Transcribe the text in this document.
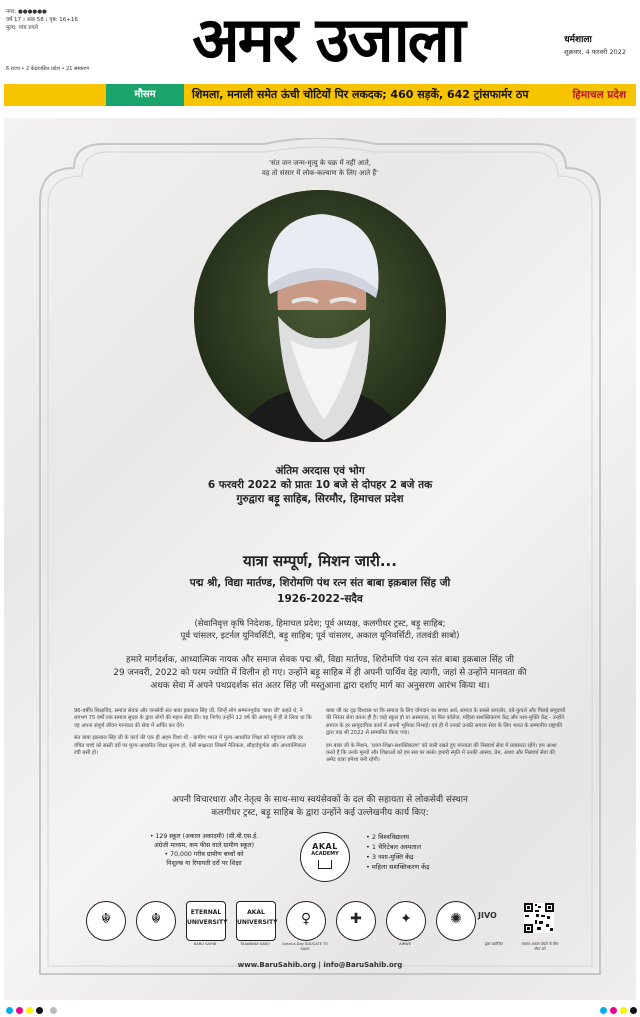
नगर: ●●●●●●
वर्ष 17 । अंक 58 । पृष्ठ: 16+16
मूल्य: पांच रुपये
6 राज्य • 2 केंद्रशासित प्रदेश • 21 संस्करण	अमर उजाला	धर्मशाला
शुक्रवार, 4 फरवरी 2022
मौसम	शिमला, मनाली समेत ऊंची चोटियों पिर लकदक; 460 सड़कें, 642 ट्रांसफार्मर ठप	हिमाचल प्रदेश
'संत जन जन्म-मृत्यु के चक्र में नहीं आते,
वह तो संसार में लोक-कल्याण के लिए आते हैं'
अंतिम अरदास एवं भोग
6 फरवरी 2022 को प्रातः 10 बजे से दोपहर 2 बजे तक
गुरुद्वारा बड़ू साहिब, सिरमौर, हिमाचल प्रदेश
यात्रा सम्पूर्ण, मिशन जारी...
पद्म श्री, विद्या मार्तण्ड, शिरोमणि पंथ रत्न संत बाबा इक़बाल सिंह जी
1926-2022-सदैव
(सेवानिवृत्त कृषि निदेशक, हिमाचल प्रदेश; पूर्व अध्यक्ष, कलगीधर ट्रस्ट, बड़ू साहिब;
पूर्व चांसलर, इटर्नल यूनिवर्सिटी, बड़ू साहिब; पूर्व चांसलर, अकाल यूनिवर्सिटी, तलवंडी साबो)
हमारे मार्गदर्शक, आध्यात्मिक नायक और समाज सेवक पद्म श्री, विद्या मार्तण्ड, शिरोमणि पंथ रत्न संत बाबा इक़बाल सिंह जी
29 जनवरी, 2022 को परम ज्योति में विलीन हो गए। उन्होंने बड़ू साहिब में ही अपनी पार्थिव देह त्यागी, जहां से उन्होंने मानवता की
अथक सेवा में अपने पथप्रदर्शक संत अतर सिंह जी मस्तुआना द्वारा दर्शाए मार्ग का अनुसरण आरंभ किया था।

96-वर्षीय शिक्षाविद, समाज सेवक और जनसेवी संत बाबा इक़बाल सिंह जी, जिन्हें लोग सम्मानपूर्वक 'बाबा जी' कहते थे, ने लगभग 75 वर्षों तक समाज सुधार के द्वारा लोगों की महान सेवा की। यह निर्णय उन्होंने 12 वर्ष की अल्पायु में ही ले लिया था कि वह अपना संपूर्ण जीवन मानवता की सेवा में अर्पित कर देंगे।

संत बाबा इक़बाल सिंह जी के कार्य की एक ही अहम दिशा थी - ग्रामीण भारत में मूल्य-आधारित शिक्षा को पहुंचाना ताकि हर वंचित बच्चे को सस्ती दरों पर मूल्य-आधारित शिक्षा सुलभ हो, ऐसी साक्षरता जिसमें नैतिकता, सौहार्दपूर्णता और आध्यात्मिकता रची बसी हो।

बाबा जी का दृढ़ विश्वास था कि समाज के लिए योगदान का सच्चा अर्थ, समाज के सबसे कमज़ोर, दबे-कुचले और पिछड़े समुदायों की निरंतर सेवा करना ही है। चाहे स्कूल हो या अस्पताल, या फिर कॉलेज, महिला सशक्तिकरण केंद्र और नशा-मुक्ति केंद्र - उन्होंने समाज के हर सामुदायिक कार्य में अपनी भूमिका निभाई। एवं ही में उनको उनकी समाज सेवा के लिए भारत के सम्मानीय राष्ट्रपति द्वारा पद्म श्री 2022 से सम्मानित किया गया।

हम बाबा जी के मिशन, 'ध्यान-शिक्षा-सशक्तिकरण' को जारी रखते हुए मानवता की निस्वार्थ सेवा में प्रयासरत रहेंगे। हम आशा करते हैं कि उनके मूल्यों और शिक्षाओं को हम सब पर बरसे। हमारी स्मृति में उनकी आस्था, प्रेम, आशा और निस्वार्थ सेवा की अमेट यात्रा हमेशा बनी रहेगी।

अपनी विचारधारा और नेतृत्व के साथ-साथ स्वयंसेवकों के दल की सहायता से लोकसेवी संस्थान
कलगीधर ट्रस्ट, बड़ू साहिब के द्वारा उन्होंने कई उल्लेखनीय कार्य किए:
• 129 स्कूल (अकाल अकादमी) (सी.बी.एस.ई.
अंग्रेजी माध्यम, कम फीस वाले ग्रामीण स्कूल)
• 70,000 गरीब ग्रामीण बच्चों को
निशुल्क या रियायती दरों पर शिक्षा
AKAL
ACADEMY
• 2 विश्वविद्यालय
• 1 चैरिटेबल अस्पताल
• 3 नशा-मुक्ति केंद्र
• महिला सशक्तिकरण केंद्र
☬	☬	ETERNAL
UNIVERSITY
BARU SAHIB
AKAL
UNIVERSITY
TALWANDI SABO
♀
Great-a-Day EDUCATE TO SAVE
✚	✦
AIRWE
✺	JIVO
द्वारा प्रायोजित	वास्तव अकाल देखने के लिए स्कैन करें
www.BaruSahib.org | info@BaruSahib.org
